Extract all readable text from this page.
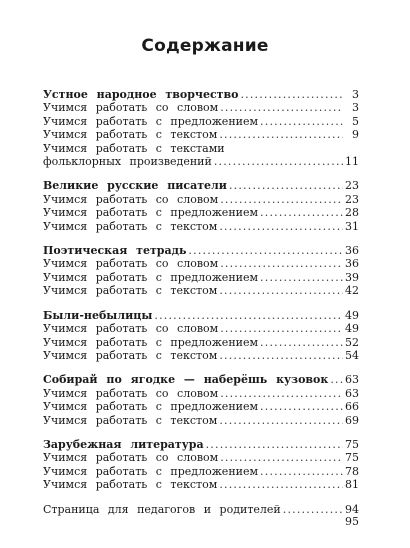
Содержание
Устное народное творчество .....	3
Учимся работать со словом .....	3
Учимся работать с предложением .....	5
Учимся работать с текстом .....	9
Учимся работать с текстами
фольклорных произведений .....	11
Великие русские писатели .....	23
Учимся работать со словом .....	23
Учимся работать с предложением .....	28
Учимся работать с текстом .....	31
Поэтическая тетрадь .....	36
Учимся работать со словом .....	36
Учимся работать с предложением .....	39
Учимся работать с текстом .....	42
Были-небылицы .....	49
Учимся работать со словом .....	49
Учимся работать с предложением .....	52
Учимся работать с текстом .....	54
Собирай по ягодке — наберёшь кузовок ..... 63
Учимся работать со словом .....	63
Учимся работать с предложением .....	66
Учимся работать с текстом .....	69
Зарубежная литература .....	75
Учимся работать со словом .....	75
Учимся работать с предложением .....	78
Учимся работать с текстом .....	81
Страница для педагогов и родителей .....	94
95
